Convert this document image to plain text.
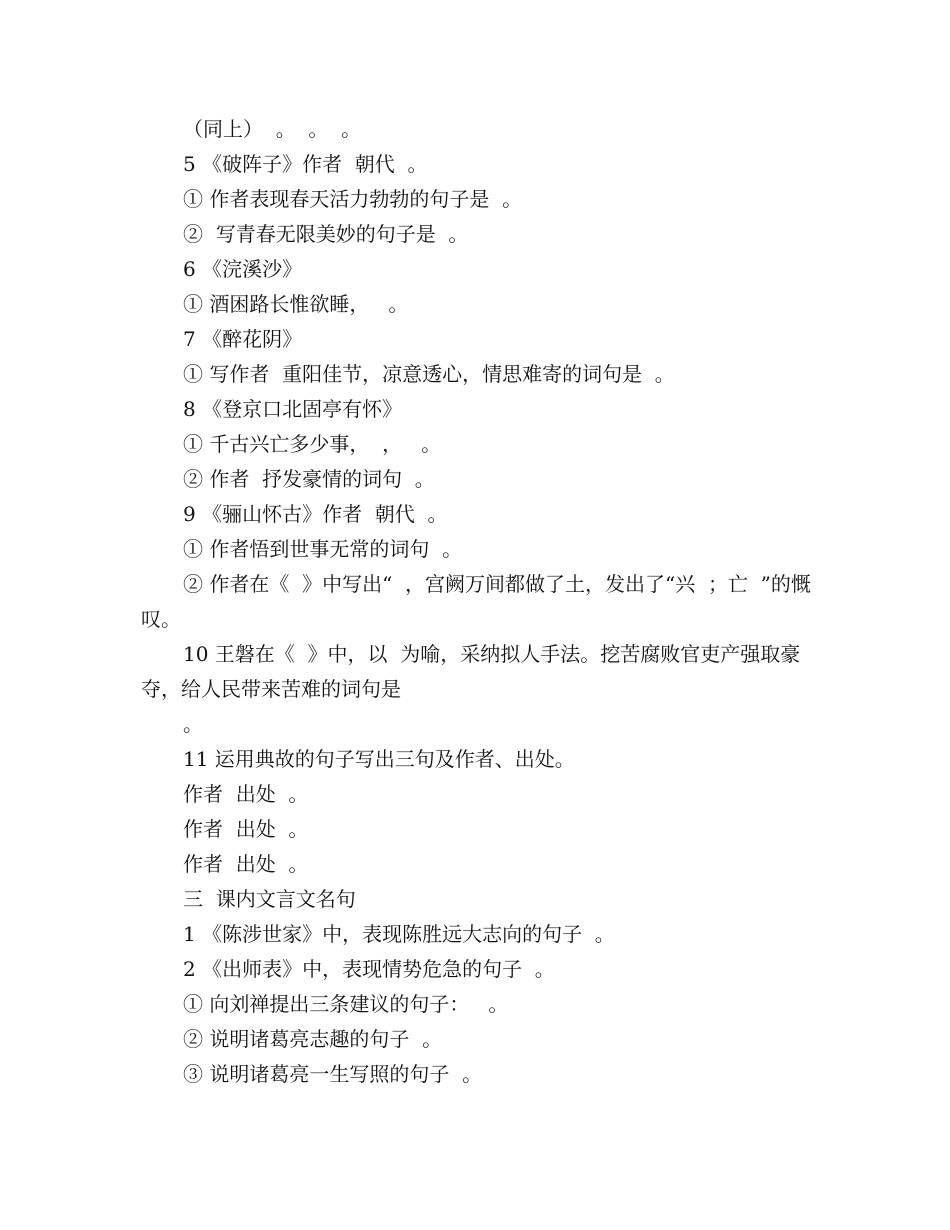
（同上）  。  。  。

5 《破阵子》作者  朝代  。

① 作者表现春天活力勃勃的句子是  。

②  写青春无限美妙的句子是  。

6 《浣溪沙》

① 酒困路长惟欲睡，   。

7 《醉花阴》

① 写作者  重阳佳节，凉意透心，情思难寄的词句是  。

8 《登京口北固亭有怀》

① 千古兴亡多少事，  ，   。

② 作者  抒发豪情的词句  。

9 《骊山怀古》作者  朝代  。

① 作者悟到世事无常的词句  。

② 作者在《  》中写出“  ，宫阙万间都做了土，发出了“兴  ；亡  ”的慨叹。

10 王磐在《  》中，以  为喻，采纳拟人手法。挖苦腐败官吏产强取豪夺，给人民带来苦难的词句是

。

11 运用典故的句子写出三句及作者、出处。

作者  出处  。

作者  出处  。

作者  出处  。

三  课内文言文名句

1 《陈涉世家》中，表现陈胜远大志向的句子  。

2 《出师表》中，表现情势危急的句子  。

① 向刘禅提出三条建议的句子：   。

② 说明诸葛亮志趣的句子  。

③ 说明诸葛亮一生写照的句子  。
